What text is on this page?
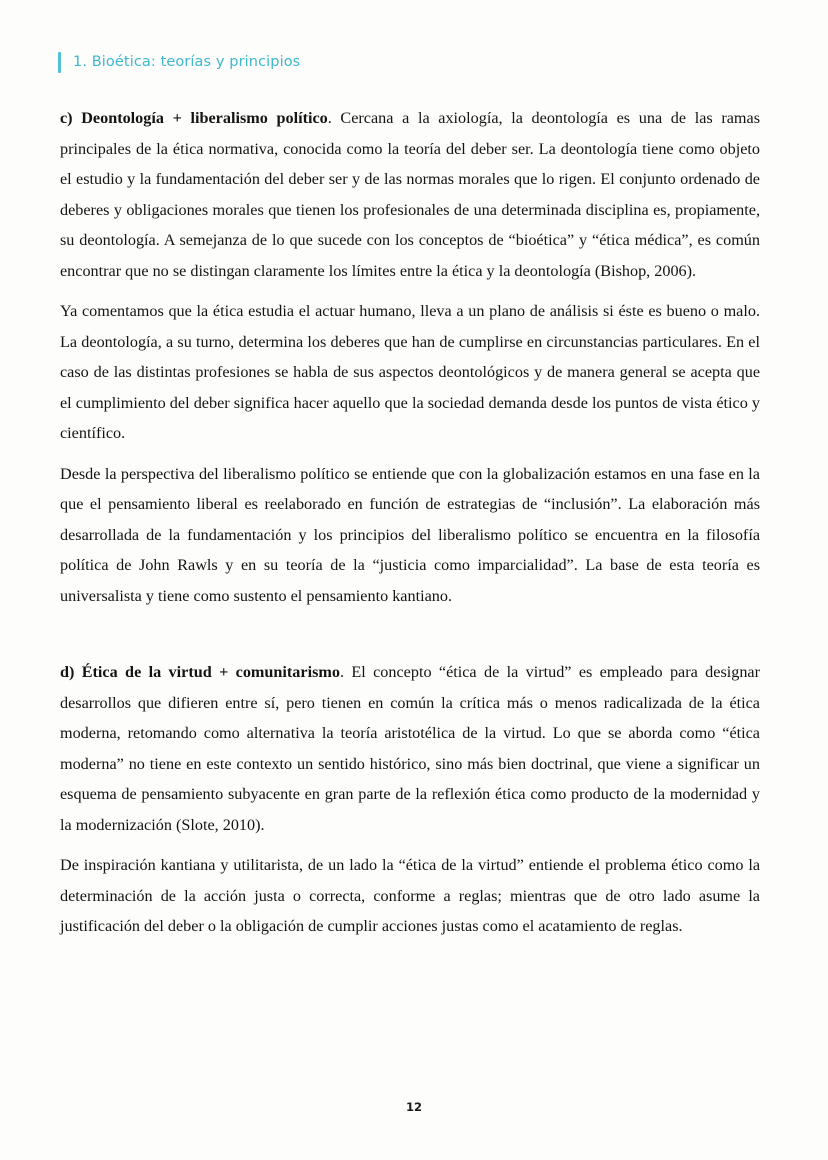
1. Bioética: teorías y principios

c) Deontología + liberalismo político. Cercana a la axiología, la deontología es una de las ramas principales de la ética normativa, conocida como la teoría del deber ser. La deontología tiene como objeto el estudio y la fundamentación del deber ser y de las normas morales que lo rigen. El conjunto ordenado de deberes y obligaciones morales que tienen los profesionales de una determinada disciplina es, propiamente, su deontología. A semejanza de lo que sucede con los conceptos de “bioética” y “ética médica”, es común encontrar que no se distingan claramente los límites entre la ética y la deontología (Bishop, 2006).

Ya comentamos que la ética estudia el actuar humano, lleva a un plano de análisis si éste es bueno o malo. La deontología, a su turno, determina los deberes que han de cumplirse en circunstancias particulares. En el caso de las distintas profesiones se habla de sus aspectos deontológicos y de manera general se acepta que el cumplimiento del deber significa hacer aquello que la sociedad demanda desde los puntos de vista ético y científico.

Desde la perspectiva del liberalismo político se entiende que con la globalización estamos en una fase en la que el pensamiento liberal es reelaborado en función de estrategias de “inclusión”. La elaboración más desarrollada de la fundamentación y los principios del liberalismo político se encuentra en la filosofía política de John Rawls y en su teoría de la “justicia como imparcialidad”. La base de esta teoría es universalista y tiene como sustento el pensamiento kantiano.

d) Ética de la virtud + comunitarismo. El concepto “ética de la virtud” es empleado para designar desarrollos que difieren entre sí, pero tienen en común la crítica más o menos radicalizada de la ética moderna, retomando como alternativa la teoría aristotélica de la virtud. Lo que se aborda como “ética moderna” no tiene en este contexto un sentido histórico, sino más bien doctrinal, que viene a significar un esquema de pensamiento subyacente en gran parte de la reflexión ética como producto de la modernidad y la modernización (Slote, 2010).

De inspiración kantiana y utilitarista, de un lado la “ética de la virtud” entiende el problema ético como la determinación de la acción justa o correcta, conforme a reglas; mientras que de otro lado asume la justificación del deber o la obligación de cumplir acciones justas como el acatamiento de reglas.

12
